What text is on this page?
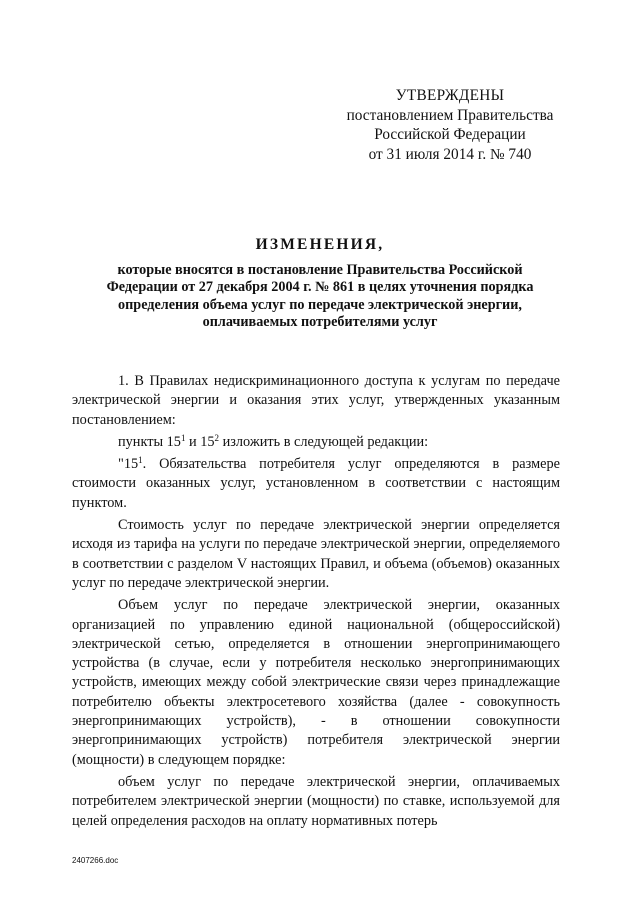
УТВЕРЖДЕНЫ
постановлением Правительства
Российской Федерации
от 31 июля 2014 г. № 740
ИЗМЕНЕНИЯ,
которые вносятся в постановление Правительства Российской Федерации от 27 декабря 2004 г. № 861 в целях уточнения порядка определения объема услуг по передаче электрической энергии, оплачиваемых потребителями услуг

1. В Правилах недискриминационного доступа к услугам по передаче электрической энергии и оказания этих услуг, утвержденных указанным постановлением:

пункты $15^1$ и $15^2$ изложить в следующей редакции:

"$15^1$. Обязательства потребителя услуг определяются в размере стоимости оказанных услуг, установленном в соответствии с настоящим пунктом.

Стоимость услуг по передаче электрической энергии определяется исходя из тарифа на услуги по передаче электрической энергии, определяемого в соответствии с разделом V настоящих Правил, и объема (объемов) оказанных услуг по передаче электрической энергии.

Объем услуг по передаче электрической энергии, оказанных организацией по управлению единой национальной (общероссийской) электрической сетью, определяется в отношении энергопринимающего устройства (в случае, если у потребителя несколько энергопринимающих устройств, имеющих между собой электрические связи через принадлежащие потребителю объекты электросетевого хозяйства (далее - совокупность энергопринимающих устройств), - в отношении совокупности энергопринимающих устройств) потребителя электрической энергии (мощности) в следующем порядке:

объем услуг по передаче электрической энергии, оплачиваемых потребителем электрической энергии (мощности) по ставке, используемой для целей определения расходов на оплату нормативных потерь

2407266.doc
